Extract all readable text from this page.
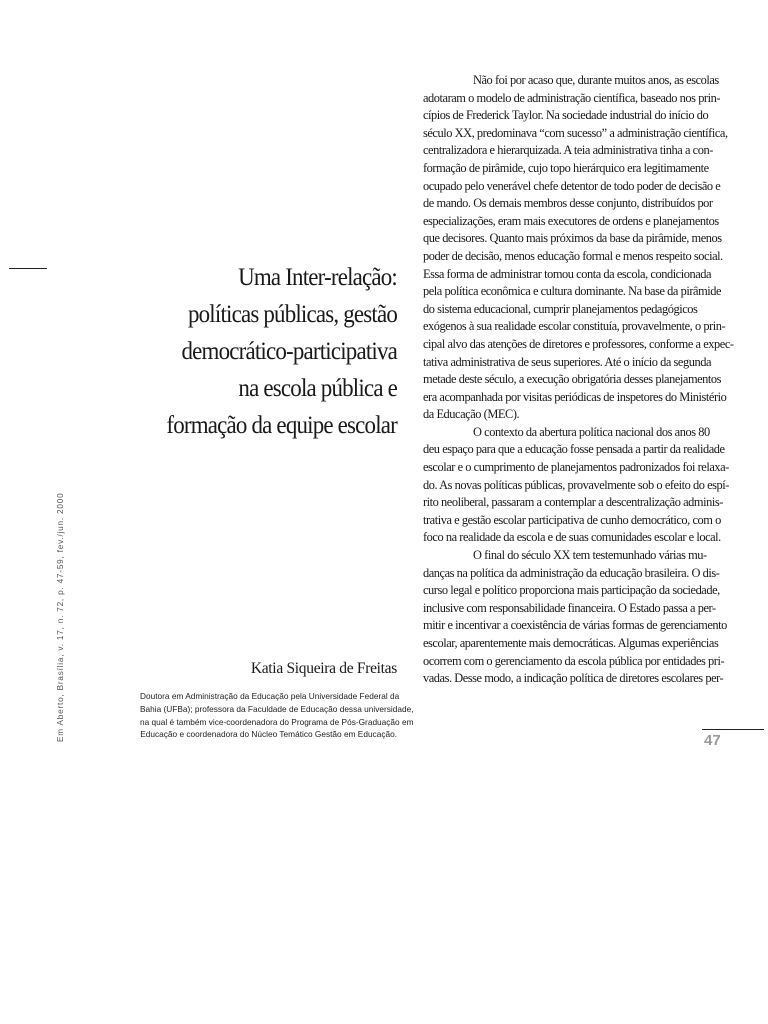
47
Em Aberto, Brasília, v. 17, n. 72, p. 47-59, fev./jun. 2000
Uma Inter-relação:
políticas públicas, gestão
democrático-participativa
na escola pública e
formação da equipe escolar
Katia Siqueira de Freitas
Doutora em Administração da Educação pela Universidade Federal da
Bahia (UFBa); professora da Faculdade de Educação dessa universidade,
na qual é também vice-coordenadora do Programa de Pós-Graduação em
Educação e coordenadora do Núcleo Temático Gestão em Educação.
Não foi por acaso que, durante muitos anos, as escolas
adotaram o modelo de administração científica, baseado nos prin-
cípios de Frederick Taylor. Na sociedade industrial do início do
século XX, predominava “com sucesso” a administração científica,
centralizadora e hierarquizada. A teia administrativa tinha a con-
formação de pirâmide, cujo topo hierárquico era legitimamente
ocupado pelo venerável chefe detentor de todo poder de decisão e
de mando. Os demais membros desse conjunto, distribuídos por
especializações, eram mais executores de ordens e planejamentos
que decisores. Quanto mais próximos da base da pirâmide, menos
poder de decisão, menos educação formal e menos respeito social.
Essa forma de administrar tomou conta da escola, condicionada
pela política econômica e cultura dominante. Na base da pirâmide
do sistema educacional, cumprir planejamentos pedagógicos
exógenos à sua realidade escolar constituía, provavelmente, o prin-
cipal alvo das atenções de diretores e professores, conforme a expec-
tativa administrativa de seus superiores. Até o início da segunda
metade deste século, a execução obrigatória desses planejamentos
era acompanhada por visitas periódicas de inspetores do Ministério
da Educação (MEC).
O contexto da abertura política nacional dos anos 80
deu espaço para que a educação fosse pensada a partir da realidade
escolar e o cumprimento de planejamentos padronizados foi relaxa-
do. As novas políticas públicas, provavelmente sob o efeito do espí-
rito neoliberal, passaram a contemplar a descentralização adminis-
trativa e gestão escolar participativa de cunho democrático, com o
foco na realidade da escola e de suas comunidades escolar e local.
O final do século XX tem testemunhado várias mu-
danças na política da administração da educação brasileira. O dis-
curso legal e político proporciona mais participação da sociedade,
inclusive com responsabilidade financeira. O Estado passa a per-
mitir e incentivar a coexistência de várias formas de gerenciamento
escolar, aparentemente mais democráticas. Algumas experiências
ocorrem com o gerenciamento da escola pública por entidades pri-
vadas. Desse modo, a indicação política de diretores escolares per-
